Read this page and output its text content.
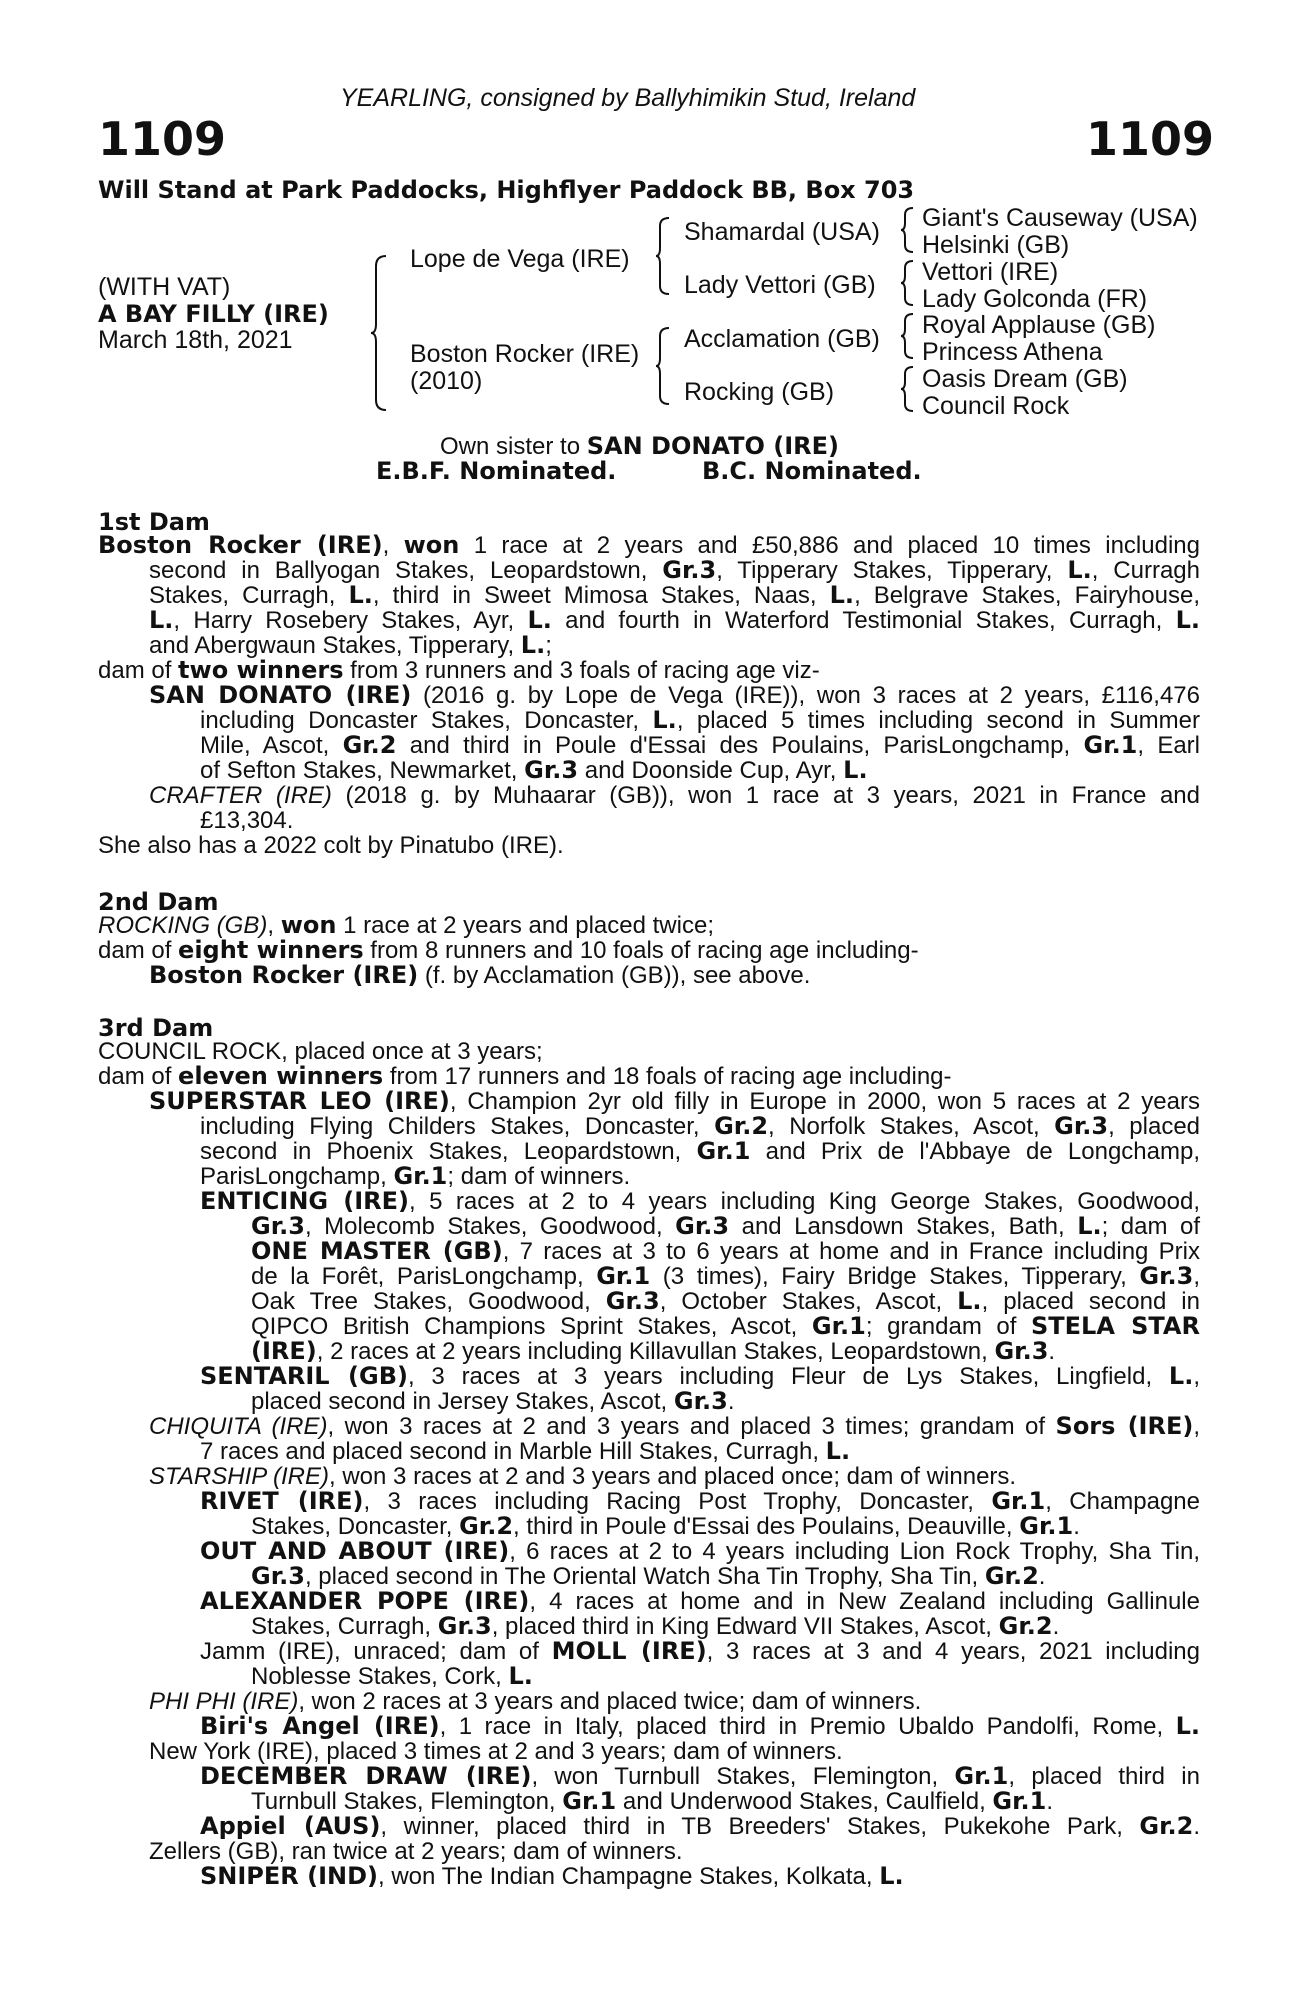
YEARLING, consigned by Ballyhimikin Stud, Ireland
1109	1109
Will Stand at Park Paddocks, Highflyer Paddock BB, Box 703
(WITH VAT)
A BAY FILLY (IRE)
March 18th, 2021
Lope de Vega (IRE)
Boston Rocker (IRE)
(2010)
Shamardal (USA)
Lady Vettori (GB)
Acclamation (GB)
Rocking (GB)
Giant's Causeway (USA)
Helsinki (GB)
Vettori (IRE)
Lady Golconda (FR)
Royal Applause (GB)
Princess Athena
Oasis Dream (GB)
Council Rock
Own sister to SAN DONATO (IRE)
E.B.F. Nominated.	B.C. Nominated.
1st Dam
2nd Dam
3rd Dam
Boston Rocker (IRE), won 1 race at 2 years and £50,886 and placed 10 times including
second in Ballyogan Stakes, Leopardstown, Gr.3, Tipperary Stakes, Tipperary, L., Curragh
Stakes, Curragh, L., third in Sweet Mimosa Stakes, Naas, L., Belgrave Stakes, Fairyhouse,
L., Harry Rosebery Stakes, Ayr, L. and fourth in Waterford Testimonial Stakes, Curragh, L.
and Abergwaun Stakes, Tipperary, L.;
dam of two winners from 3 runners and 3 foals of racing age viz-
SAN DONATO (IRE) (2016 g. by Lope de Vega (IRE)), won 3 races at 2 years, £116,476
including Doncaster Stakes, Doncaster, L., placed 5 times including second in Summer
Mile, Ascot, Gr.2 and third in Poule d'Essai des Poulains, ParisLongchamp, Gr.1, Earl
of Sefton Stakes, Newmarket, Gr.3 and Doonside Cup, Ayr, L.
CRAFTER (IRE) (2018 g. by Muhaarar (GB)), won 1 race at 3 years, 2021 in France and
£13,304.
She also has a 2022 colt by Pinatubo (IRE).
ROCKING (GB), won 1 race at 2 years and placed twice;
dam of eight winners from 8 runners and 10 foals of racing age including-
Boston Rocker (IRE) (f. by Acclamation (GB)), see above.
COUNCIL ROCK, placed once at 3 years;
dam of eleven winners from 17 runners and 18 foals of racing age including-
SUPERSTAR LEO (IRE), Champion 2yr old filly in Europe in 2000, won 5 races at 2 years
including Flying Childers Stakes, Doncaster, Gr.2, Norfolk Stakes, Ascot, Gr.3, placed
second in Phoenix Stakes, Leopardstown, Gr.1 and Prix de l'Abbaye de Longchamp,
ParisLongchamp, Gr.1; dam of winners.
ENTICING (IRE), 5 races at 2 to 4 years including King George Stakes, Goodwood,
Gr.3, Molecomb Stakes, Goodwood, Gr.3 and Lansdown Stakes, Bath, L.; dam of
ONE MASTER (GB), 7 races at 3 to 6 years at home and in France including Prix
de la Forêt, ParisLongchamp, Gr.1 (3 times), Fairy Bridge Stakes, Tipperary, Gr.3,
Oak Tree Stakes, Goodwood, Gr.3, October Stakes, Ascot, L., placed second in
QIPCO British Champions Sprint Stakes, Ascot, Gr.1; grandam of STELA STAR
(IRE), 2 races at 2 years including Killavullan Stakes, Leopardstown, Gr.3.
SENTARIL (GB), 3 races at 3 years including Fleur de Lys Stakes, Lingfield, L.,
placed second in Jersey Stakes, Ascot, Gr.3.
CHIQUITA (IRE), won 3 races at 2 and 3 years and placed 3 times; grandam of Sors (IRE),
7 races and placed second in Marble Hill Stakes, Curragh, L.
STARSHIP (IRE), won 3 races at 2 and 3 years and placed once; dam of winners.
RIVET (IRE), 3 races including Racing Post Trophy, Doncaster, Gr.1, Champagne
Stakes, Doncaster, Gr.2, third in Poule d'Essai des Poulains, Deauville, Gr.1.
OUT AND ABOUT (IRE), 6 races at 2 to 4 years including Lion Rock Trophy, Sha Tin,
Gr.3, placed second in The Oriental Watch Sha Tin Trophy, Sha Tin, Gr.2.
ALEXANDER POPE (IRE), 4 races at home and in New Zealand including Gallinule
Stakes, Curragh, Gr.3, placed third in King Edward VII Stakes, Ascot, Gr.2.
Jamm (IRE), unraced; dam of MOLL (IRE), 3 races at 3 and 4 years, 2021 including
Noblesse Stakes, Cork, L.
PHI PHI (IRE), won 2 races at 3 years and placed twice; dam of winners.
Biri's Angel (IRE), 1 race in Italy, placed third in Premio Ubaldo Pandolfi, Rome, L.
New York (IRE), placed 3 times at 2 and 3 years; dam of winners.
DECEMBER DRAW (IRE), won Turnbull Stakes, Flemington, Gr.1, placed third in
Turnbull Stakes, Flemington, Gr.1 and Underwood Stakes, Caulfield, Gr.1.
Appiel (AUS), winner, placed third in TB Breeders' Stakes, Pukekohe Park, Gr.2.
Zellers (GB), ran twice at 2 years; dam of winners.
SNIPER (IND), won The Indian Champagne Stakes, Kolkata, L.
